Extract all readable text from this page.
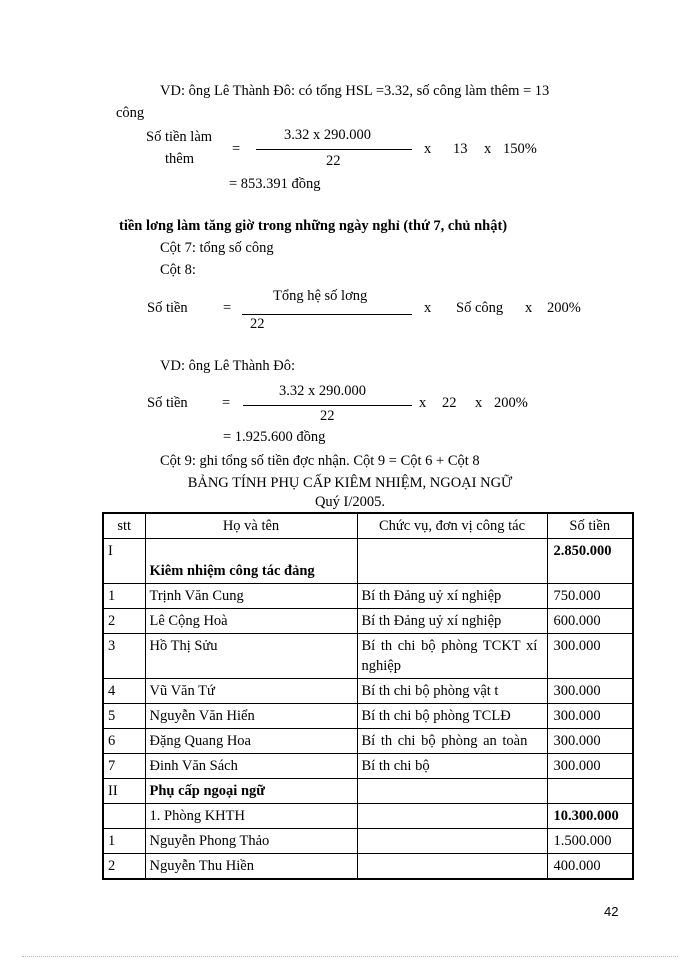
VD: ông Lê Thành Đô: có tổng HSL =3.32, số công làm thêm = 13
công
Số tiền làm
thêm
=
3.32 x 290.000
22
x 13 x 150%
= 853.391 đồng
tiền lơng làm tăng giờ trong những ngày nghỉ (thứ 7, chủ nhật)
Cột 7: tổng số công
Cột 8:
Số tiền =
Tổng hệ số lơng
22
x Số công x 200%
VD: ông Lê Thành Đô:
Số tiền =
3.32 x 290.000
22
x 22 x 200%
= 1.925.600 đồng
Cột 9: ghi tổng số tiền đợc nhận. Cột 9 = Cột 6 + Cột 8
BẢNG TÍNH PHỤ CẤP KIÊM NHIỆM, NGOẠI NGỮ
Quý I/2005.
stt	Họ và tên	Chức vụ, đơn vị công tác	Số tiền
I	Kiêm nhiệm công tác đảng		2.850.000
1	Trịnh Văn Cung	Bí th Đảng uỷ xí nghiệp	750.000
2	Lê Cộng Hoà	Bí th Đảng uỷ xí nghiệp	600.000
3	Hồ Thị Sửu	Bí th chi bộ phòng TCKT xí nghiệp	300.000
4	Vũ Văn Tứ	Bí th chi bộ phòng vật t	300.000
5	Nguyễn Văn Hiển	Bí th chi bộ phòng TCLĐ	300.000
6	Đặng Quang Hoa	Bí th chi bộ phòng an toàn	300.000
7	Đinh Văn Sách	Bí th chi bộ	300.000
II	Phụ cấp ngoại ngữ		
	1. Phòng KHTH		10.300.000
1	Nguyễn Phong Thảo		1.500.000
2	Nguyễn Thu Hiền		400.000
42
